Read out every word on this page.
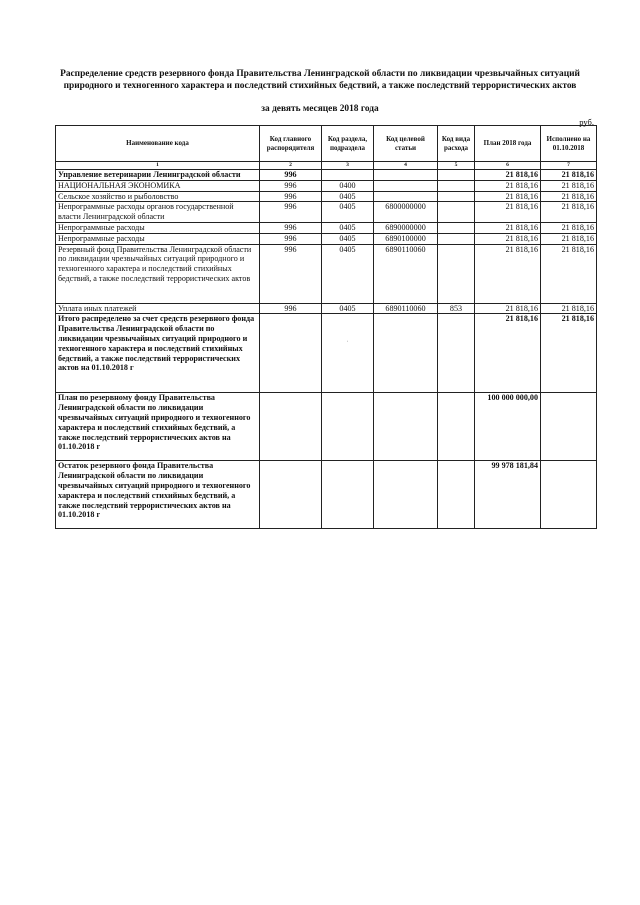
Распределение средств резервного фонда Правительства Ленинградской области по ликвидации чрезвычайных ситуаций природного и техногенного характера и последствий стихийных бедствий, а также последствий террористических актов
за девять месяцев 2018 года
руб.
Наименование кода	Код главного распорядителя	Код раздела, подраздела	Код целевой статьи	Код вида расхода	План 2018 года	Исполнено на 01.10.2018
1	2	3	4	5	6	7
Управление ветеринарии Ленинградской области	996				21 818,16	21 818,16
НАЦИОНАЛЬНАЯ ЭКОНОМИКА	996	0400			21 818,16	21 818,16
Сельское хозяйство и рыболовство	996	0405			21 818,16	21 818,16
Непрограммные расходы органов государственной власти Ленинградской области	996	0405	6800000000		21 818,16	21 818,16
Непрограммные расходы	996	0405	6890000000		21 818,16	21 818,16
Непрограммные расходы	996	0405	6890100000		21 818,16	21 818,16
Резервный фонд Правительства Ленинградской области по ликвидации чрезвычайных ситуаций природного и техногенного характера и последствий стихийных бедствий, а также последствий террористических актов	996	0405	6890110060		21 818,16	21 818,16
Уплата иных платежей	996	0405	6890110060	853	21 818,16	21 818,16
Итого распределено за счет средств резервного фонда Правительства Ленинградской области по ликвидации чрезвычайных ситуаций природного и техногенного характера и последствий стихийных бедствий, а также последствий террористических актов на 01.10.2018 г		·			21 818,16	21 818,16
План по резервному фонду Правительства Ленинградской области по ликвидации чрезвычайных ситуаций природного и техногенного характера и последствий стихийных бедствий, а также последствий террористических актов на 01.10.2018 г					100 000 000,00	
Остаток резервного фонда Правительства Ленинградской области по ликвидации чрезвычайных ситуаций природного и техногенного характера и последствий стихийных бедствий, а также последствий террористических актов на 01.10.2018 г					99 978 181,84	
